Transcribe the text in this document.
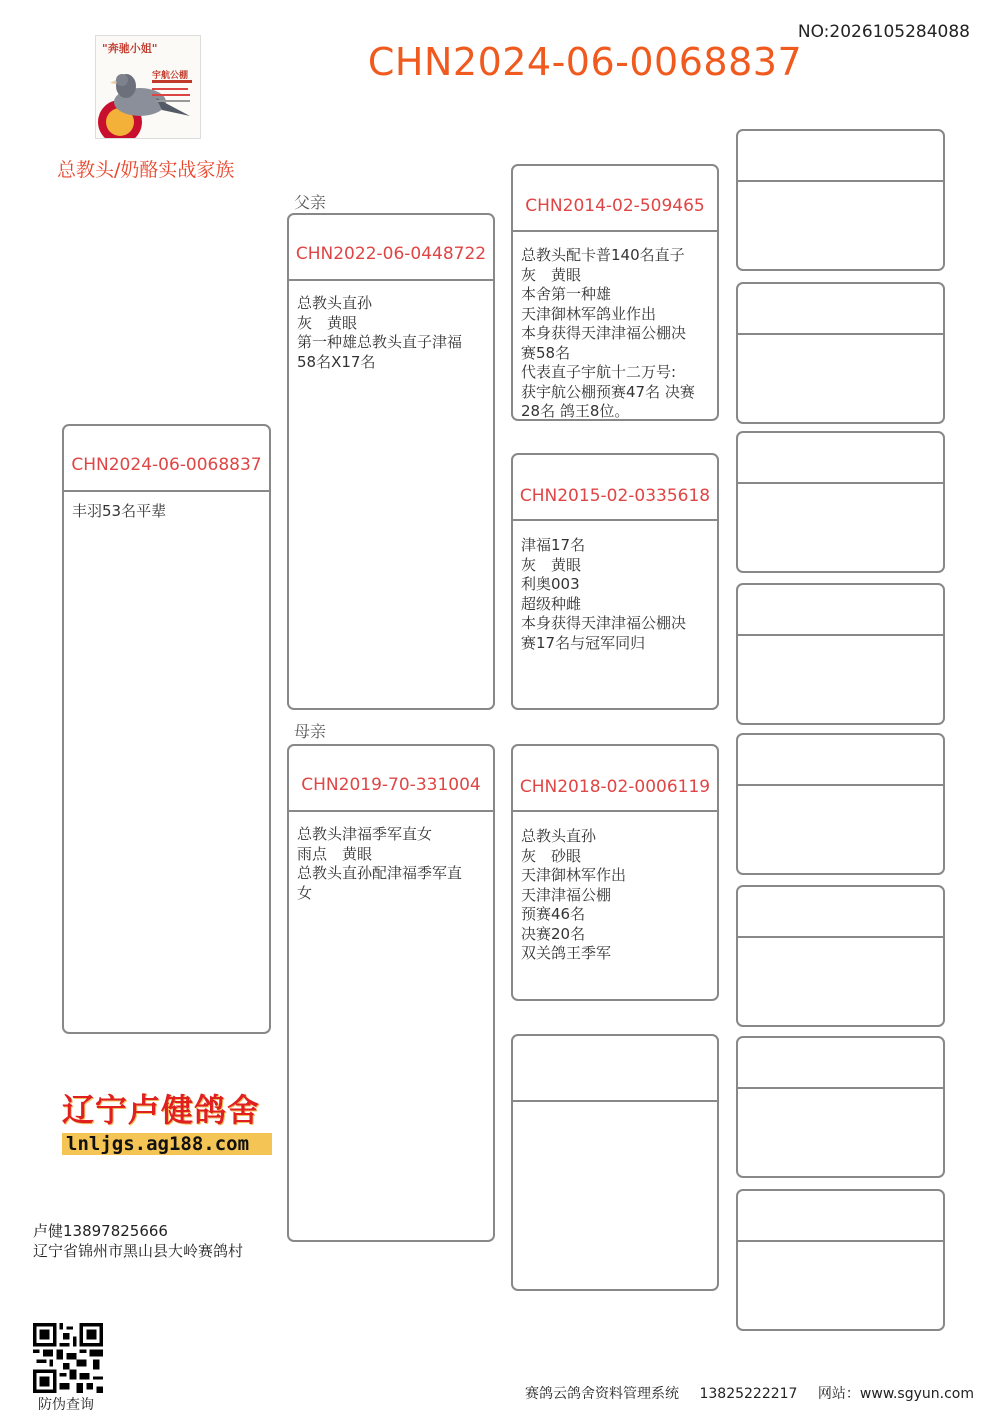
NO:2026105284088
CHN2024-06-0068837
"奔驰小姐"
宇航公棚
总教头/奶酪实战家族
父亲
母亲
CHN2024-06-0068837
丰羽53名平辈
CHN2022-06-0448722
总教头直孙
灰　黄眼
第一种雄总教头直子津福
58名X17名
CHN2019-70-331004
总教头津福季军直女
雨点　黄眼
总教头直孙配津福季军直
女
CHN2014-02-509465
总教头配卡普140名直子
灰　黄眼
本舍第一种雄
天津御林军鸽业作出
本身获得天津津福公棚决
赛58名
代表直子宇航十二万号:
获宇航公棚预赛47名 决赛
28名 鸽王8位。
CHN2015-02-0335618
津福17名
灰　黄眼
利奥003
超级种雌
本身获得天津津福公棚决
赛17名与冠军同归
CHN2018-02-0006119
总教头直孙
灰　砂眼
天津御林军作出
天津津福公棚
预赛46名
决赛20名
双关鸽王季军
辽宁卢健鸽舍
lnljgs.ag188.com
卢健13897825666
辽宁省锦州市黑山县大岭赛鸽村
防伪查询
赛鸽云鸽舍资料管理系统 13825222217 网站：www.sgyun.com
